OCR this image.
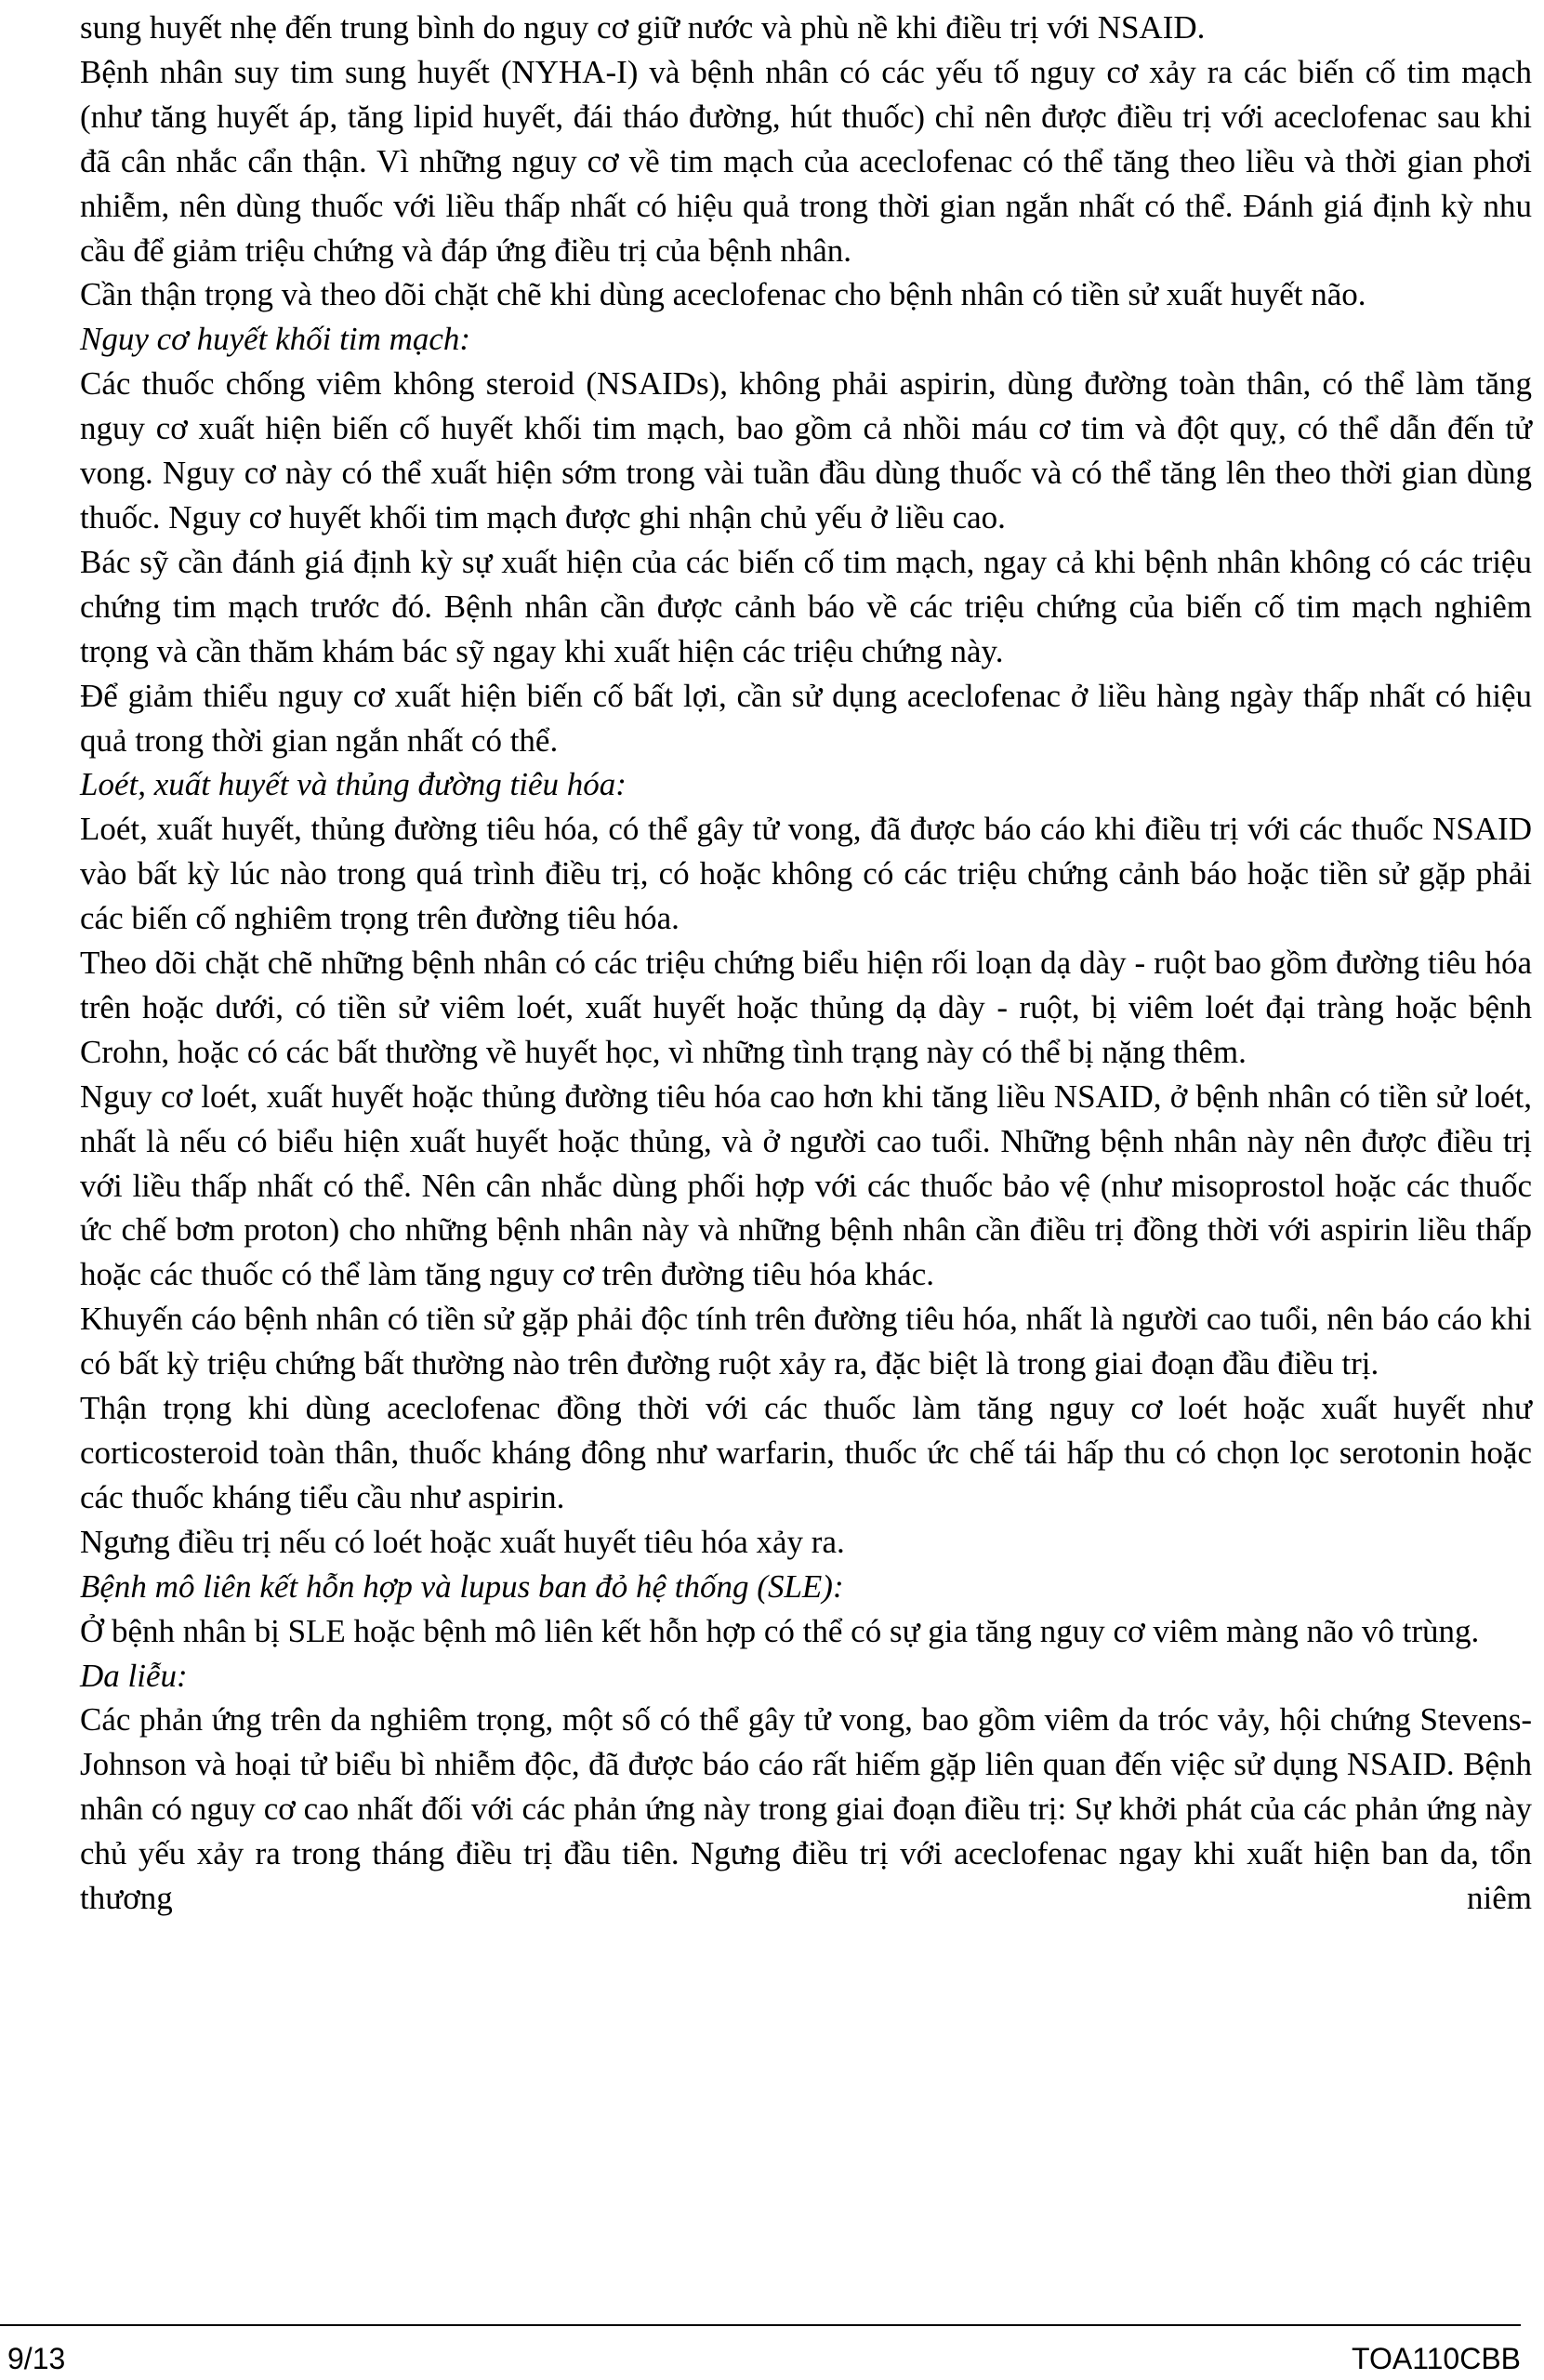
sung huyết nhẹ đến trung bình do nguy cơ giữ nước và phù nề khi điều trị với NSAID.

Bệnh nhân suy tim sung huyết (NYHA-I) và bệnh nhân có các yếu tố nguy cơ xảy ra các biến cố tim mạch (như tăng huyết áp, tăng lipid huyết, đái tháo đường, hút thuốc) chỉ nên được điều trị với aceclofenac sau khi đã cân nhắc cẩn thận. Vì những nguy cơ về tim mạch của aceclofenac có thể tăng theo liều và thời gian phơi nhiễm, nên dùng thuốc với liều thấp nhất có hiệu quả trong thời gian ngắn nhất có thể. Đánh giá định kỳ nhu cầu để giảm triệu chứng và đáp ứng điều trị của bệnh nhân.

Cần thận trọng và theo dõi chặt chẽ khi dùng aceclofenac cho bệnh nhân có tiền sử xuất huyết não.

Nguy cơ huyết khối tim mạch:

Các thuốc chống viêm không steroid (NSAIDs), không phải aspirin, dùng đường toàn thân, có thể làm tăng nguy cơ xuất hiện biến cố huyết khối tim mạch, bao gồm cả nhồi máu cơ tim và đột quỵ, có thể dẫn đến tử vong. Nguy cơ này có thể xuất hiện sớm trong vài tuần đầu dùng thuốc và có thể tăng lên theo thời gian dùng thuốc. Nguy cơ huyết khối tim mạch được ghi nhận chủ yếu ở liều cao.

Bác sỹ cần đánh giá định kỳ sự xuất hiện của các biến cố tim mạch, ngay cả khi bệnh nhân không có các triệu chứng tim mạch trước đó. Bệnh nhân cần được cảnh báo về các triệu chứng của biến cố tim mạch nghiêm trọng và cần thăm khám bác sỹ ngay khi xuất hiện các triệu chứng này.

Để giảm thiểu nguy cơ xuất hiện biến cố bất lợi, cần sử dụng aceclofenac ở liều hàng ngày thấp nhất có hiệu quả trong thời gian ngắn nhất có thể.

Loét, xuất huyết và thủng đường tiêu hóa:

Loét, xuất huyết, thủng đường tiêu hóa, có thể gây tử vong, đã được báo cáo khi điều trị với các thuốc NSAID vào bất kỳ lúc nào trong quá trình điều trị, có hoặc không có các triệu chứng cảnh báo hoặc tiền sử gặp phải các biến cố nghiêm trọng trên đường tiêu hóa.

Theo dõi chặt chẽ những bệnh nhân có các triệu chứng biểu hiện rối loạn dạ dày - ruột bao gồm đường tiêu hóa trên hoặc dưới, có tiền sử viêm loét, xuất huyết hoặc thủng dạ dày - ruột, bị viêm loét đại tràng hoặc bệnh Crohn, hoặc có các bất thường về huyết học, vì những tình trạng này có thể bị nặng thêm.

Nguy cơ loét, xuất huyết hoặc thủng đường tiêu hóa cao hơn khi tăng liều NSAID, ở bệnh nhân có tiền sử loét, nhất là nếu có biểu hiện xuất huyết hoặc thủng, và ở người cao tuổi. Những bệnh nhân này nên được điều trị với liều thấp nhất có thể. Nên cân nhắc dùng phối hợp với các thuốc bảo vệ (như misoprostol hoặc các thuốc ức chế bơm proton) cho những bệnh nhân này và những bệnh nhân cần điều trị đồng thời với aspirin liều thấp hoặc các thuốc có thể làm tăng nguy cơ trên đường tiêu hóa khác.

Khuyến cáo bệnh nhân có tiền sử gặp phải độc tính trên đường tiêu hóa, nhất là người cao tuổi, nên báo cáo khi có bất kỳ triệu chứng bất thường nào trên đường ruột xảy ra, đặc biệt là trong giai đoạn đầu điều trị.

Thận trọng khi dùng aceclofenac đồng thời với các thuốc làm tăng nguy cơ loét hoặc xuất huyết như corticosteroid toàn thân, thuốc kháng đông như warfarin, thuốc ức chế tái hấp thu có chọn lọc serotonin hoặc các thuốc kháng tiểu cầu như aspirin.

Ngưng điều trị nếu có loét hoặc xuất huyết tiêu hóa xảy ra.

Bệnh mô liên kết hỗn hợp và lupus ban đỏ hệ thống (SLE):

Ở bệnh nhân bị SLE hoặc bệnh mô liên kết hỗn hợp có thể có sự gia tăng nguy cơ viêm màng não vô trùng.

Da liễu:

Các phản ứng trên da nghiêm trọng, một số có thể gây tử vong, bao gồm viêm da tróc vảy, hội chứng Stevens-Johnson và hoại tử biểu bì nhiễm độc, đã được báo cáo rất hiếm gặp liên quan đến việc sử dụng NSAID. Bệnh nhân có nguy cơ cao nhất đối với các phản ứng này trong giai đoạn điều trị: Sự khởi phát của các phản ứng này chủ yếu xảy ra trong tháng điều trị đầu tiên. Ngưng điều trị với aceclofenac ngay khi xuất hiện ban da, tổn thương niêm

9/13	TOA110CBB
